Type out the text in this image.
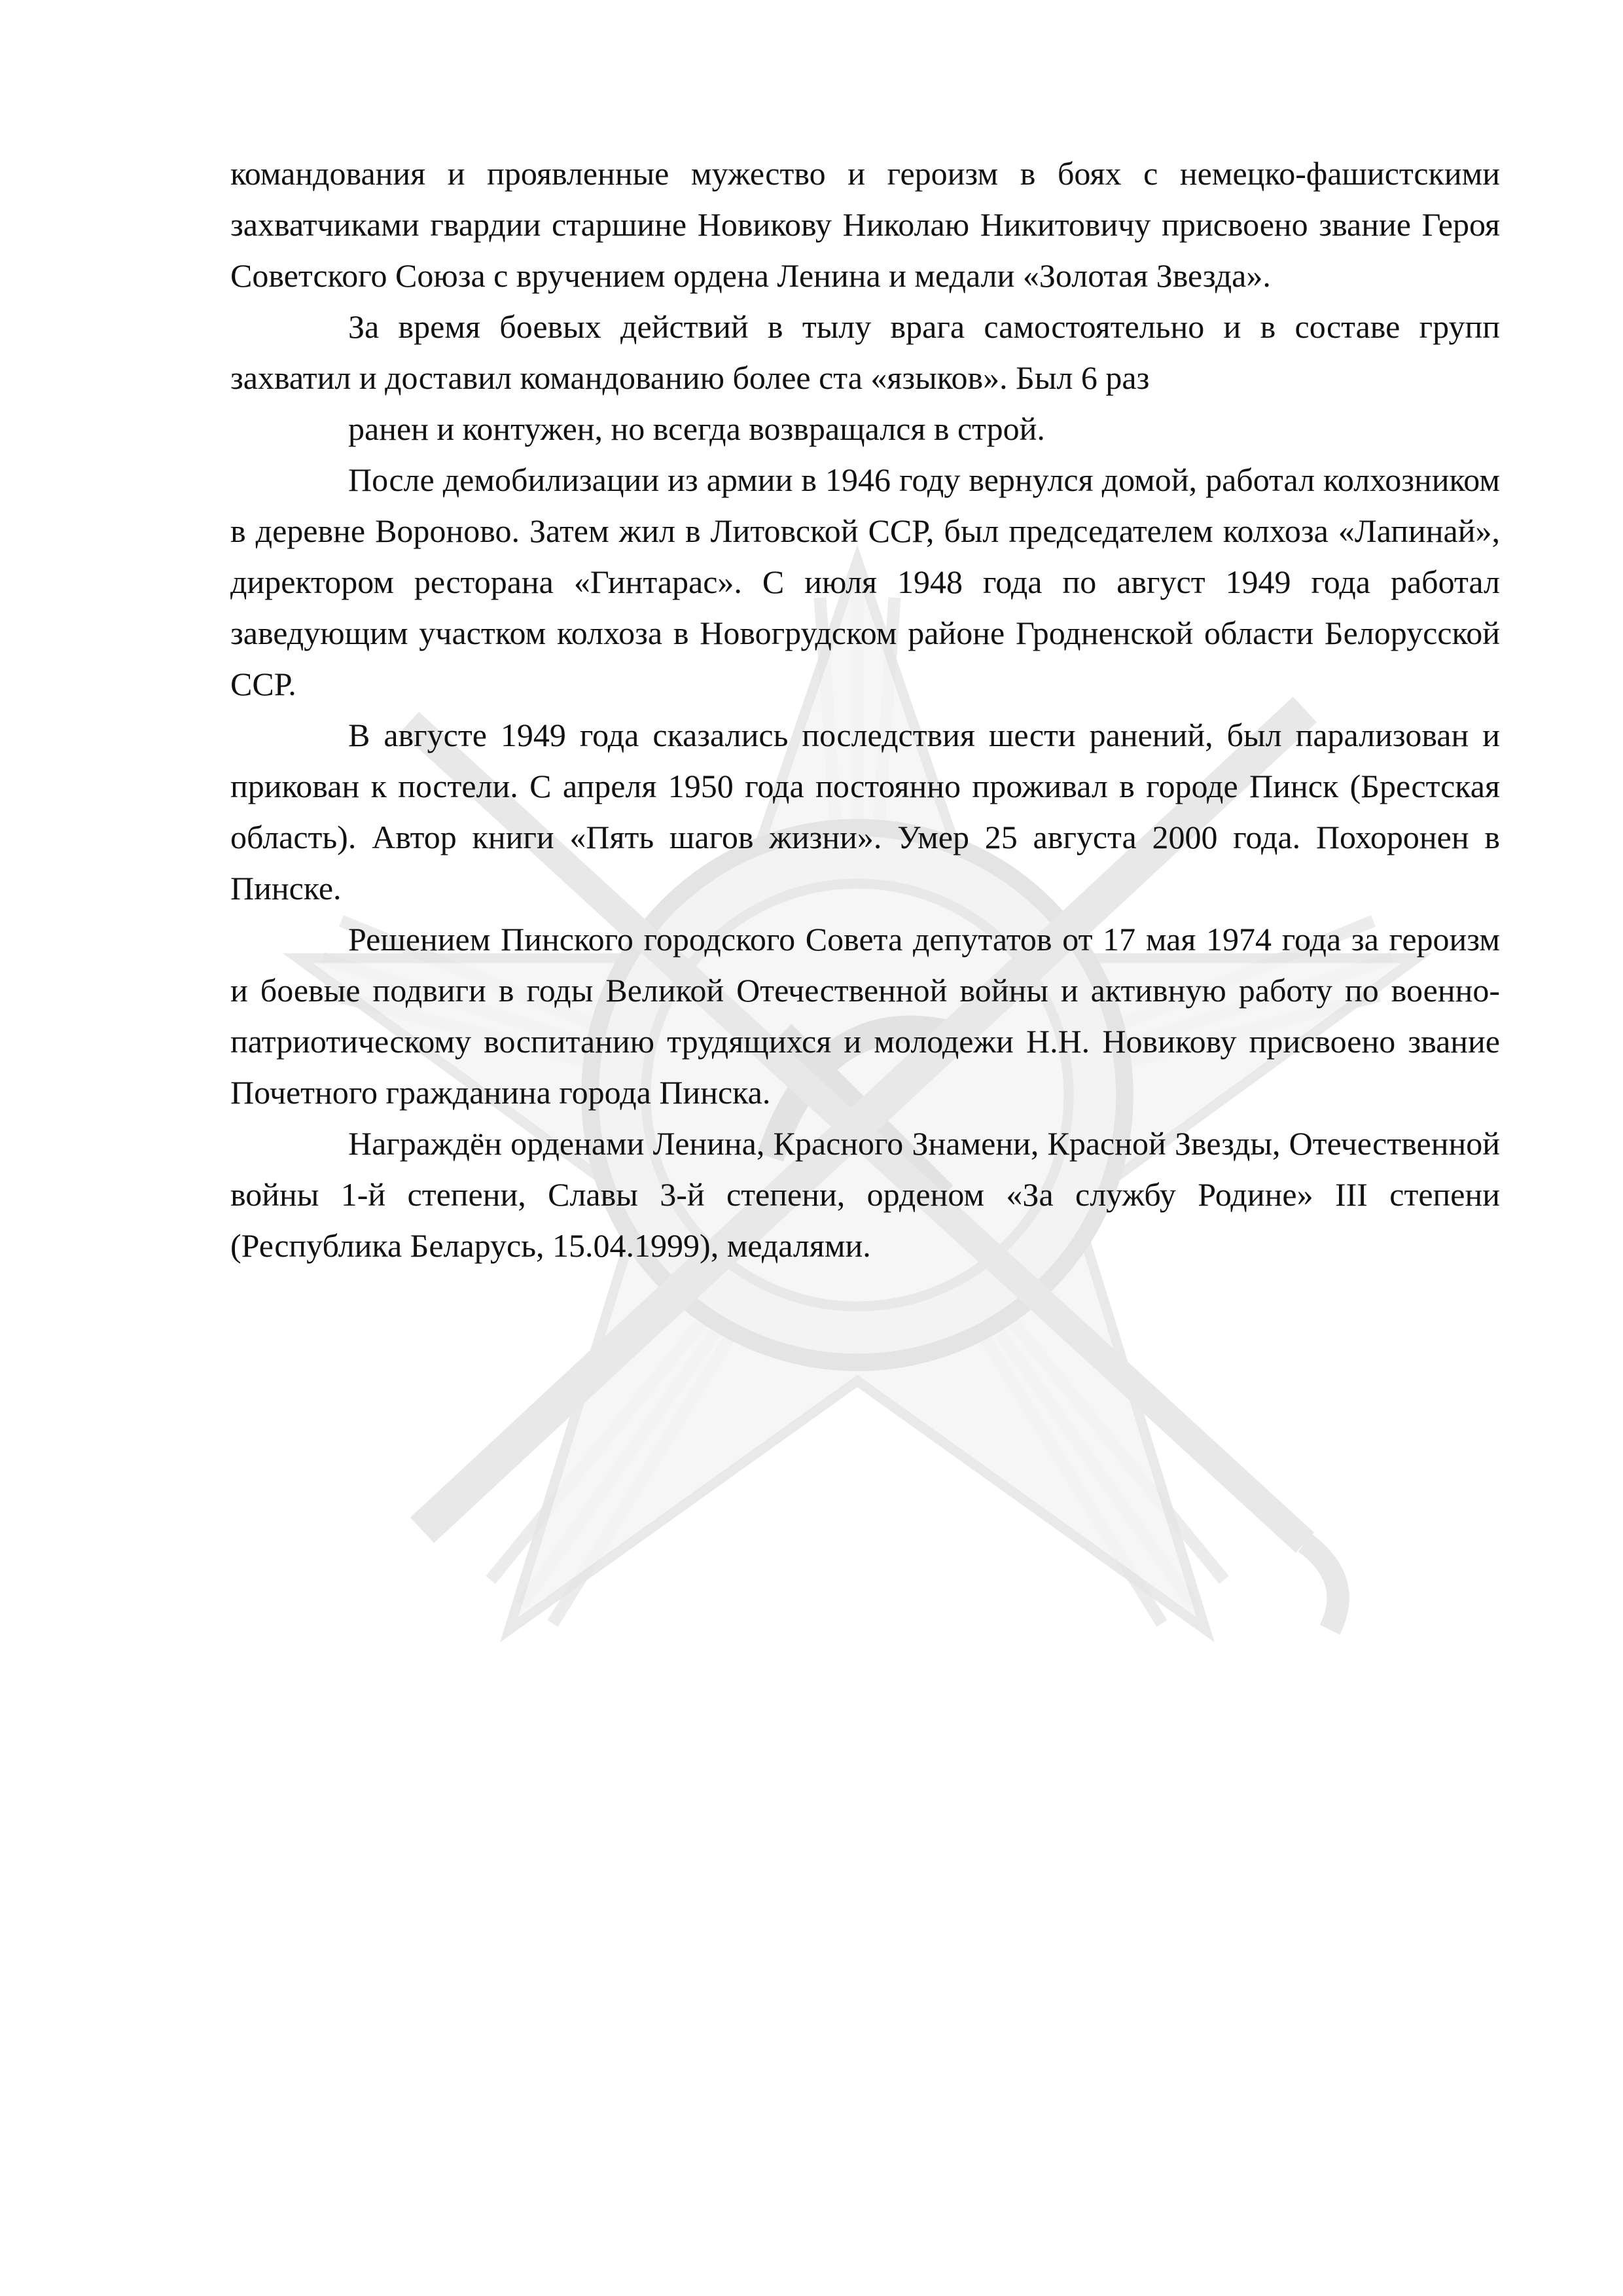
командования и проявленные мужество и героизм в боях с немецко-фашистскими захватчиками гвардии старшине Новикову Николаю Никитовичу присвоено звание Героя Советского Союза с вручением ордена Ленина и медали «Золотая Звезда».

За время боевых действий в тылу врага самостоятельно и в составе групп захватил и доставил командованию более ста «языков». Был 6 раз

ранен и контужен, но всегда возвращался в строй.

После демобилизации из армии в 1946 году вернулся домой, работал колхозником в деревне Вороново. Затем жил в Литовской ССР, был председателем колхоза «Лапинай», директором ресторана «Гинтарас». С июля 1948 года по август 1949 года работал заведующим участком колхоза в Новогрудском районе Гродненской области Белорусской ССР.

В августе 1949 года сказались последствия шести ранений, был парализован и прикован к постели. С апреля 1950 года постоянно проживал в городе Пинск (Брестская область). Автор книги «Пять шагов жизни». Умер 25 августа 2000 года. Похоронен в Пинске.

Решением Пинского городского Совета депутатов от 17 мая 1974 года за героизм и боевые подвиги в годы Великой Отечественной войны и активную работу по военно-патриотическому воспитанию трудящихся и молодежи Н.Н. Новикову присвоено звание Почетного гражданина города Пинска.

Награждён орденами Ленина, Красного Знамени, Красной Звезды, Отечественной войны 1-й степени, Славы 3-й степени, орденом «За службу Родине» III степени (Республика Беларусь, 15.04.1999), медалями.
